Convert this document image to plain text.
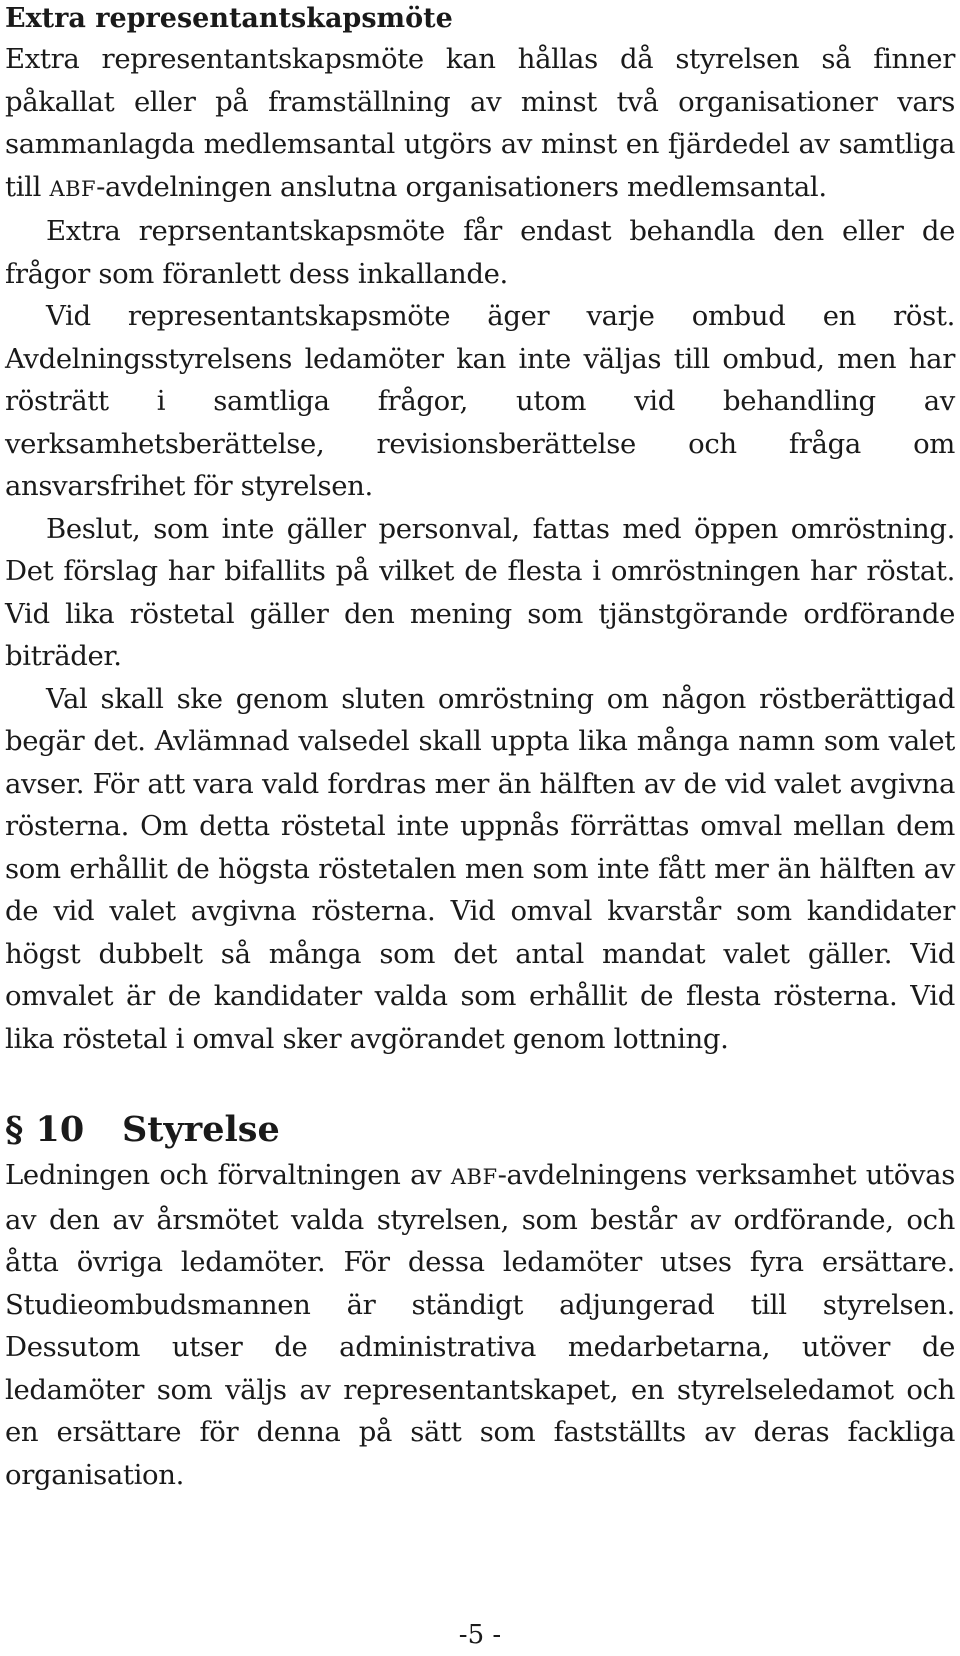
Extra representantskapsmöte

Extra representantskapsmöte kan hållas då styrelsen så finner påkallat eller på framställning av minst två organisationer vars sammanlagda medlemsantal utgörs av minst en fjärdedel av samtliga till ABF-avdelningen anslutna organisationers medlemsantal.

Extra reprsentantskapsmöte får endast behandla den eller de frågor som föranlett dess inkallande.

Vid representantskapsmöte äger varje ombud en röst. Avdelningsstyrelsens ledamöter kan inte väljas till ombud, men har rösträtt i samtliga frågor, utom vid behandling av verksamhetsberättelse, revisionsberättelse och fråga om ansvarsfrihet för styrelsen.

Beslut, som inte gäller personval, fattas med öppen omröstning. Det förslag har bifallits på vilket de flesta i omröstningen har röstat. Vid lika röstetal gäller den mening som tjänstgörande ordförande biträder.

Val skall ske genom sluten omröstning om någon röstberättigad begär det. Avlämnad valsedel skall uppta lika många namn som valet avser. För att vara vald fordras mer än hälften av de vid valet avgivna rösterna. Om detta röstetal inte uppnås förrättas omval mellan dem som erhållit de högsta röstetalen men som inte fått mer än hälften av de vid valet avgivna rösterna. Vid omval kvarstår som kandidater högst dubbelt så många som det antal mandat valet gäller. Vid omvalet är de kandidater valda som erhållit de flesta rösterna. Vid lika röstetal i omval sker avgörandet genom lottning.

§ 10	Styrelse

Ledningen och förvaltningen av ABF-avdelningens verksamhet utövas av den av årsmötet valda styrelsen, som består av ordförande, och åtta övriga ledamöter. För dessa ledamöter utses fyra ersättare. Studieombudsmannen är ständigt adjungerad till styrelsen. Dessutom utser de administrativa medarbetarna, utöver de ledamöter som väljs av representantskapet, en styrelseledamot och en ersättare för denna på sätt som fastställts av deras fackliga organisation.

-5 -
